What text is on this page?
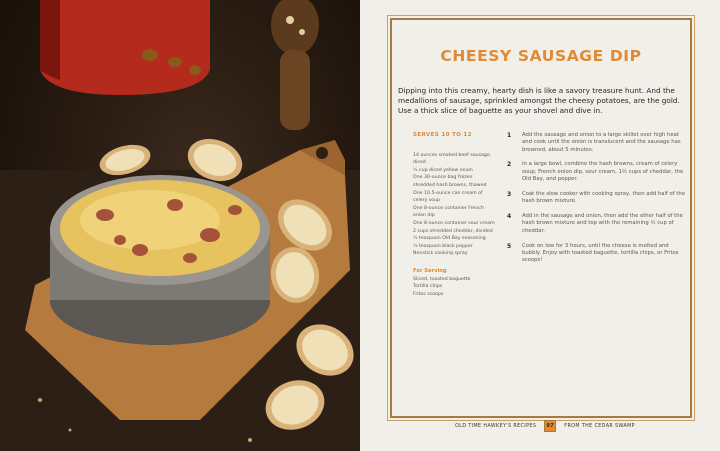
CHEESY SAUSAGE DIP
Dipping into this creamy, hearty dish is like a savory treasure hunt. And the medallions of sausage, sprinkled amongst the cheesy potatoes, are the gold. Use a thick slice of baguette as your shovel and dive in.
SERVES 10 TO 12
14 ounces smoked beef sausage, diced
½ cup diced yellow onion
One 30-ounce bag frozen shredded hash browns, thawed
One 10.5-ounce can cream of celery soup
One 8-ounce container French onion dip
One 8-ounce container sour cream
2 cups shredded cheddar, divided
½ teaspoon Old Bay seasoning
¼ teaspoon black pepper
Nonstick cooking spray
For Serving
Sliced, toasted baguette
Tortilla chips
Fritos scoops
1	Add the sausage and onion to a large skillet over high heat and cook until the onion is translucent and the sausage has browned, about 5 minutes.
2	In a large bowl, combine the hash browns, cream of celery soup, French onion dip, sour cream, 1½ cups of cheddar, the Old Bay, and pepper.
3	Coat the slow cooker with cooking spray, then add half of the hash brown mixture.
4	Add in the sausage and onion, then add the other half of the hash brown mixture and top with the remaining ½ cup of cheddar.
5	Cook on low for 3 hours, until the cheese is melted and bubbly. Enjoy with toasted baguette, tortilla chips, or Fritos scoops!
OLD TIME HAWKEY'S RECIPES	97	FROM THE CEDAR SWAMP
